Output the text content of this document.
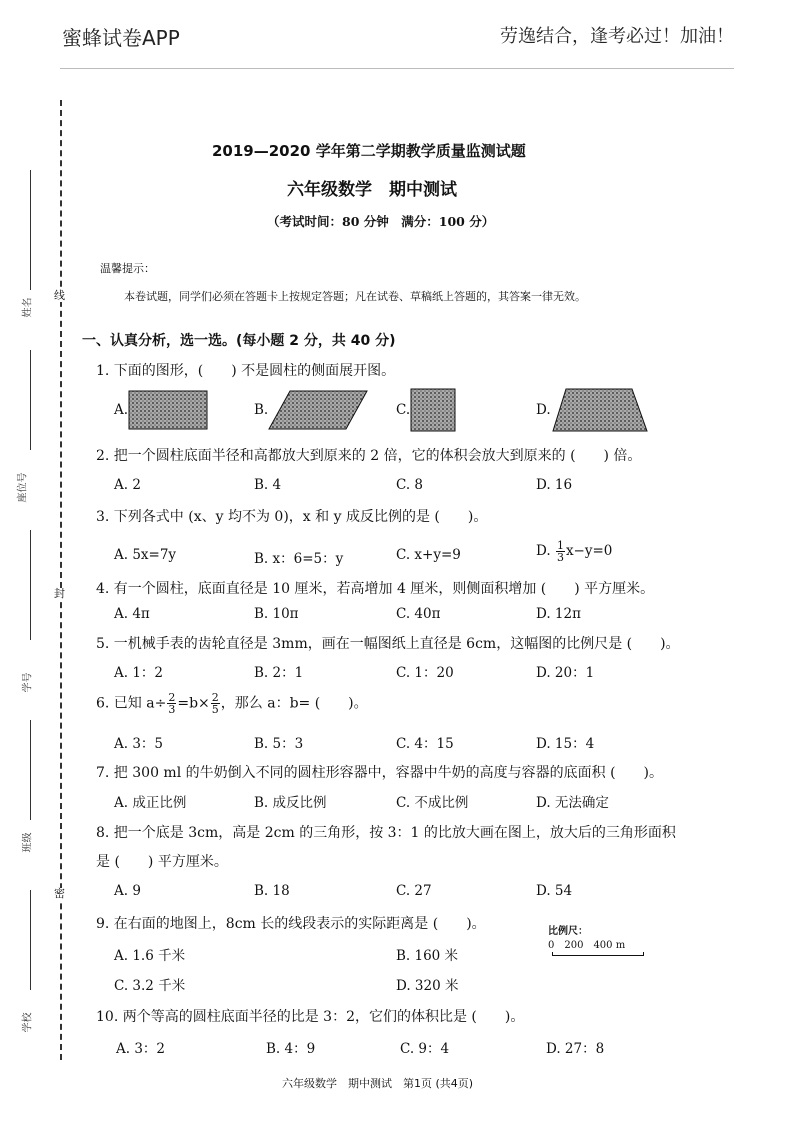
蜜蜂试卷APP	劳逸结合，逢考必过！加油！
线
封
密
姓名
座位号
学号
班级
学校
2019—2020 学年第二学期教学质量监测试题
六年级数学　期中测试
（考试时间：80 分钟　满分：100 分）
温馨提示：
本卷试题，同学们必须在答题卡上按规定答题；凡在试卷、草稿纸上答题的，其答案一律无效。
一、认真分析，选一选。(每小题 2 分，共 40 分)
1. 下面的图形，(　　) 不是圆柱的侧面展开图。
A.	B.	C.	D.
2. 把一个圆柱底面半径和高都放大到原来的 2 倍，它的体积会放大到原来的 (　　) 倍。
A. 2	B. 4	C. 8	D. 16
3. 下列各式中 (x、y 均不为 0)，x 和 y 成反比例的是 (　　)。
A. 5x=7y	B. x：6=5：y	C. x+y=9	D. $\frac{1}{3} x-y=0$
4. 有一个圆柱，底面直径是 10 厘米，若高增加 4 厘米，则侧面积增加 (　　) 平方厘米。
A. 4π	B. 10π	C. 40π	D. 12π
5. 一机械手表的齿轮直径是 3mm，画在一幅图纸上直径是 6cm，这幅图的比例尺是 (　　)。
A. 1：2	B. 2：1	C. 1：20	D. 20：1
6. 已知 $a\div \frac{2}{3} =b\times \frac{2}{5}$ ，那么 a：b= (　　)。
A. 3：5	B. 5：3	C. 4：15	D. 15：4
7. 把 300 ml 的牛奶倒入不同的圆柱形容器中，容器中牛奶的高度与容器的底面积 (　　)。
A. 成正比例	B. 成反比例	C. 不成比例	D. 无法确定
8. 把一个底是 3cm，高是 2cm 的三角形，按 3：1 的比放大画在图上，放大后的三角形面积
是 (　　) 平方厘米。
A. 9	B. 18	C. 27	D. 54
9. 在右面的地图上，8cm 长的线段表示的实际距离是 (　　)。
A. 1.6 千米	B. 160 米
C. 3.2 千米	D. 320 米
比例尺：
0　200　400 m
10. 两个等高的圆柱底面半径的比是 3：2，它们的体积比是 (　　)。
A. 3：2	B. 4：9	C. 9：4	D. 27：8
六年级数学　期中测试　第1页 (共4页)
